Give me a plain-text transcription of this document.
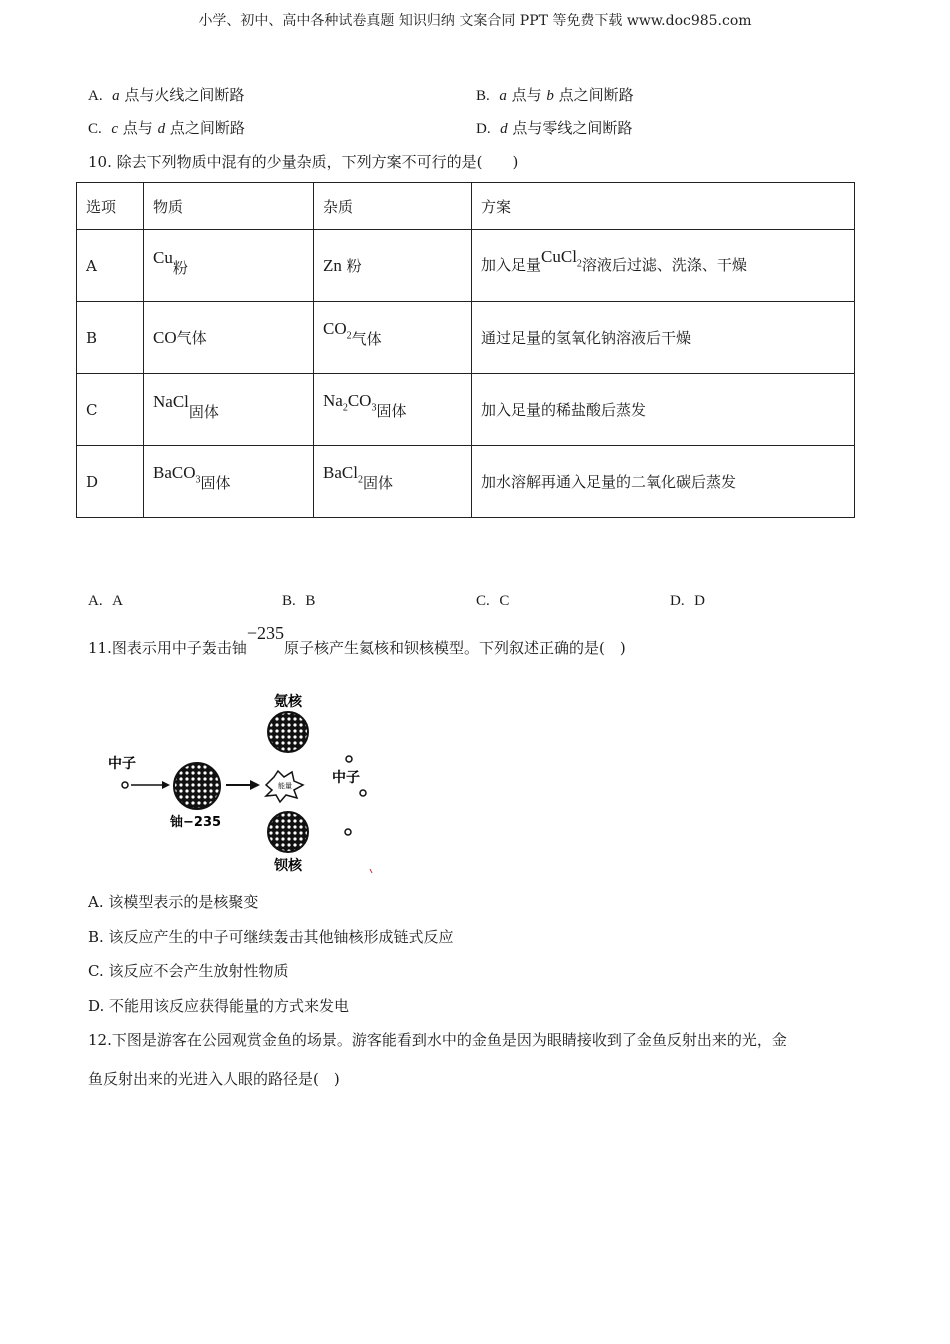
小学、初中、高中各种试卷真题 知识归纳 文案合同 PPT 等免费下载 www.doc985.com
A. a 点与火线之间断路	B. a 点与 b 点之间断路
C. c 点与 d 点之间断路	D. d 点与零线之间断路
10. 除去下列物质中混有的少量杂质，下列方案不可行的是(　　)
选项	物质	杂质	方案
A	Cu粉	Zn 粉	加入足量CuCl$_2$溶液后过滤、洗涤、干燥
B	CO气体	$CO_2$气体	通过足量的氢氧化钠溶液后干燥
C	NaCl固体	$Na_2CO_3$固体	加入足量的稀盐酸后蒸发
D	BaCO$_3$固体	BaCl$_2$固体	加水溶解再通入足量的二氧化碳后蒸发
A. A	B. B	C. C	D. D
11.图表示用中子轰击铀−235原子核产生氦核和钡核模型。下列叙述正确的是(　)
中子
铀−235
能量
氪核
钡核
中子
A. 该模型表示的是核聚变
B. 该反应产生的中子可继续轰击其他铀核形成链式反应
C. 该反应不会产生放射性物质
D. 不能用该反应获得能量的方式来发电
12.下图是游客在公园观赏金鱼的场景。游客能看到水中的金鱼是因为眼睛接收到了金鱼反射出来的光，金
鱼反射出来的光进入人眼的路径是(　)
